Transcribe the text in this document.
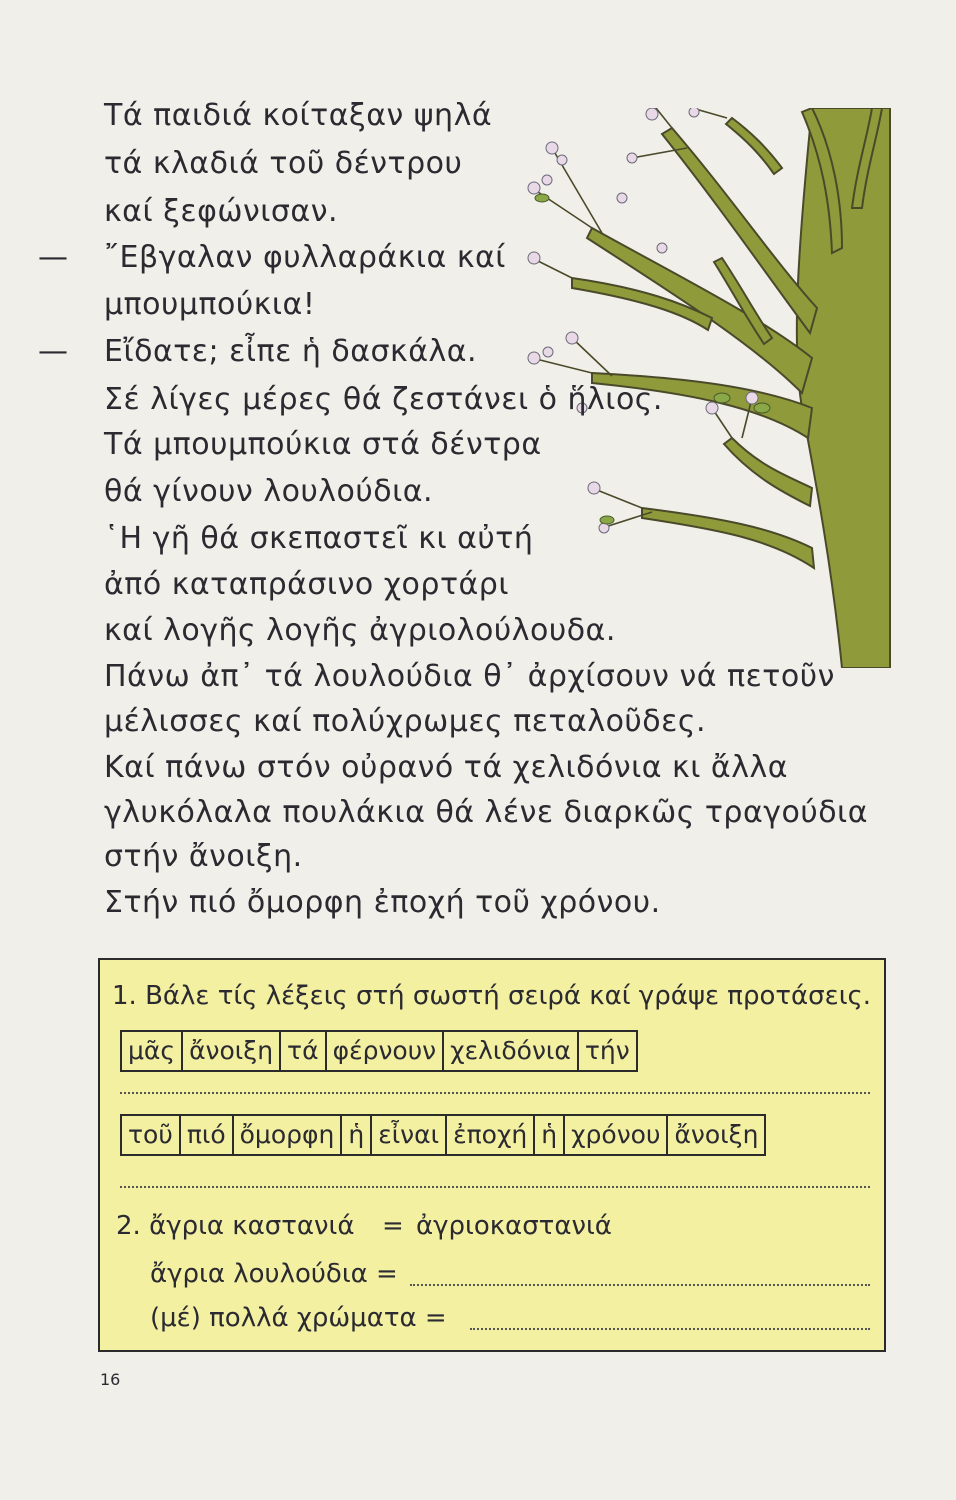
Τά παιδιά κοίταξαν ψηλά
τά κλαδιά τοῦ δέντρου
καί ξεφώνισαν.
— ῎Εβγαλαν φυλλαράκια καί
μπουμπούκια!
— Εἴδατε; εἶπε ἡ δασκάλα.
Σέ λίγες μέρες θά ζεστάνει ὁ ἥλιος.
Τά μπουμπούκια στά δέντρα
θά γίνουν λουλούδια.
῾Η γῆ θά σκεπαστεῖ κι αὐτή
ἀπό καταπράσινο χορτάρι
καί λογῆς λογῆς ἀγριολούλουδα.
Πάνω ἀπ᾽ τά λουλούδια θ᾽ ἀρχίσουν νά πετοῦν
μέλισσες καί πολύχρωμες πεταλοῦδες.
Καί πάνω στόν οὐρανό τά χελιδόνια κι ἄλλα
γλυκόλαλα πουλάκια θά λένε διαρκῶς τραγούδια
στήν ἄνοιξη.
Στήν πιό ὄμορφη ἐποχή τοῦ χρόνου.
1. Βάλε τίς λέξεις στή σωστή σειρά καί γράψε προτάσεις.
μᾶς ἄνοιξη τά φέρνουν χελιδόνια τήν
τοῦ πιό ὄμορφη ἡ εἶναι ἐποχή ἡ χρόνου ἄνοιξη
2. ἄγρια καστανιά = ἀγριοκαστανιά
ἄγρια λουλούδια =
(μέ) πολλά χρώματα =
16
